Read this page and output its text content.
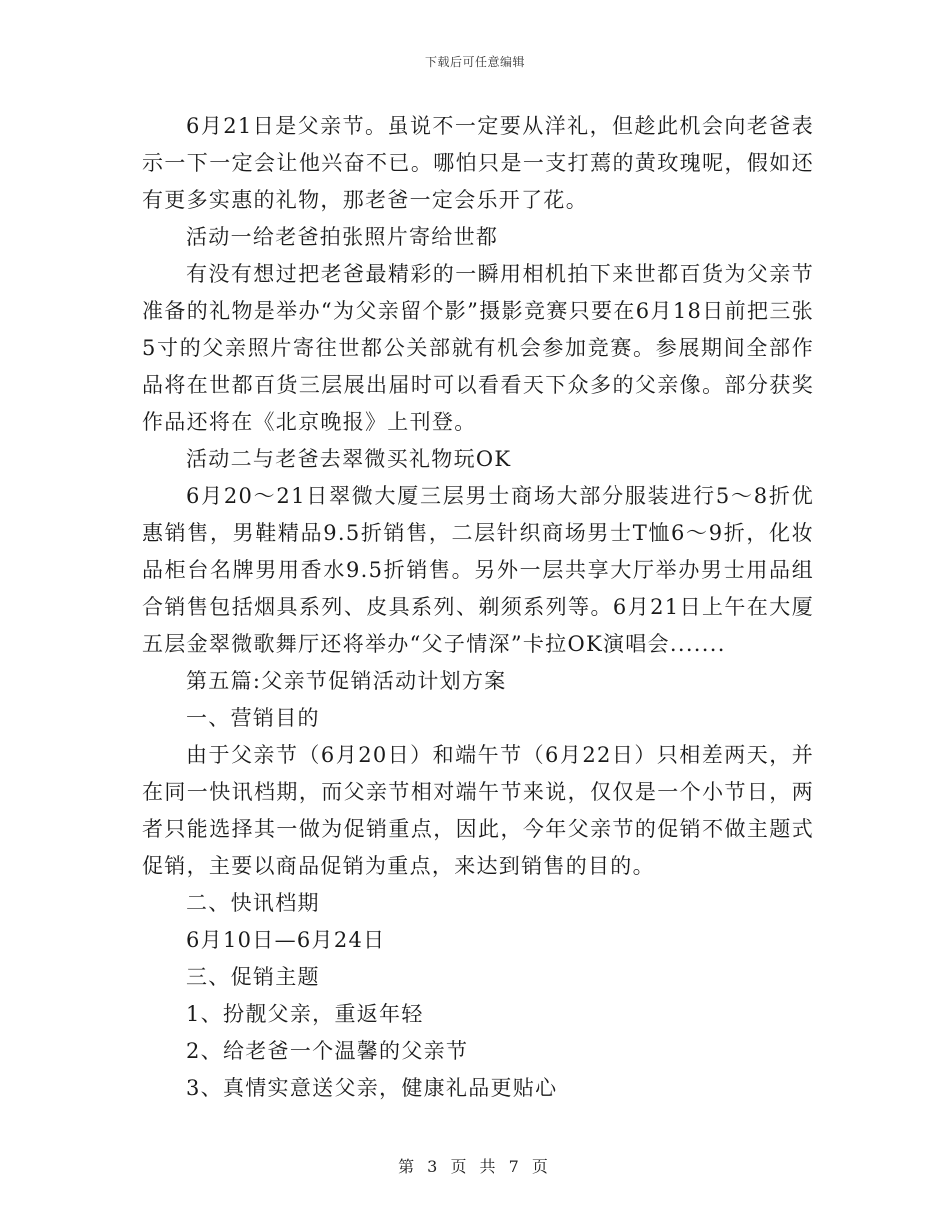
下载后可任意编辑

6月21日是父亲节。虽说不一定要从洋礼，但趁此机会向老爸表示一下一定会让他兴奋不已。哪怕只是一支打蔫的黄玫瑰呢，假如还有更多实惠的礼物，那老爸一定会乐开了花。

活动一给老爸拍张照片寄给世都

有没有想过把老爸最精彩的一瞬用相机拍下来世都百货为父亲节准备的礼物是举办“为父亲留个影”摄影竞赛只要在6月18日前把三张5寸的父亲照片寄往世都公关部就有机会参加竞赛。参展期间全部作品将在世都百货三层展出届时可以看看天下众多的父亲像。部分获奖作品还将在《北京晚报》上刊登。

活动二与老爸去翠微买礼物玩OK

6月20～21日翠微大厦三层男士商场大部分服装进行5～8折优惠销售，男鞋精品9.5折销售，二层针织商场男士T恤6～9折，化妆品柜台名牌男用香水9.5折销售。另外一层共享大厅举办男士用品组合销售包括烟具系列、皮具系列、剃须系列等。6月21日上午在大厦五层金翠微歌舞厅还将举办“父子情深”卡拉OK演唱会.......

第五篇:父亲节促销活动计划方案

一、营销目的

由于父亲节（6月20日）和端午节（6月22日）只相差两天，并在同一快讯档期，而父亲节相对端午节来说，仅仅是一个小节日，两者只能选择其一做为促销重点，因此，今年父亲节的促销不做主题式促销，主要以商品促销为重点，来达到销售的目的。

二、快讯档期

6月10日—6月24日

三、促销主题

1、扮靓父亲，重返年轻

2、给老爸一个温馨的父亲节

3、真情实意送父亲，健康礼品更贴心

第 3 页 共 7 页
